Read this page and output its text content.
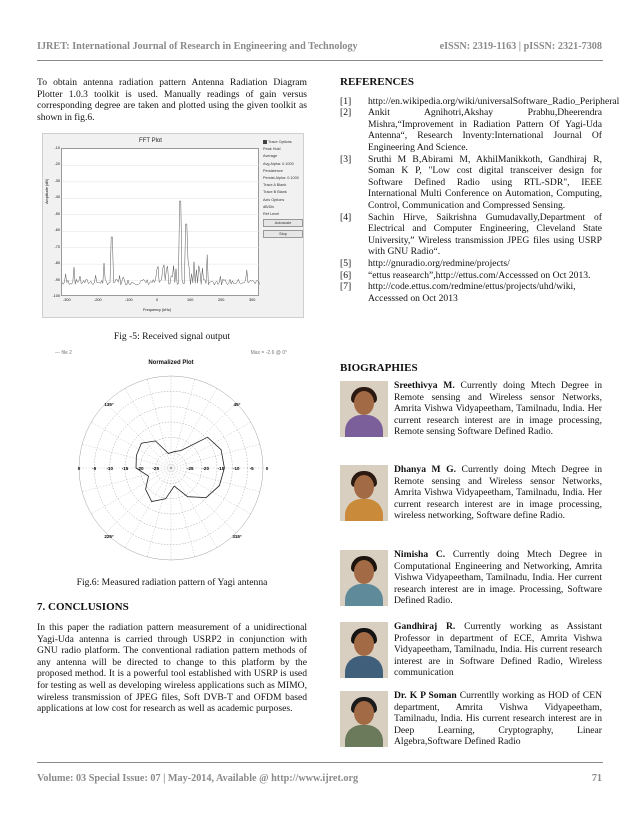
IJRET: International Journal of Research in Engineering and Technology	eISSN: 2319-1163 | pISSN: 2321-7308
Volume: 03 Special Issue: 07 | May-2014, Available @ http://www.ijret.org	71

To obtain antenna radiation pattern Antenna Radiation Diagram Plotter 1.0.3 toolkit is used. Manually readings of gain versus corresponding degree are taken and plotted using the given toolkit as shown in fig.6.

FFT Plot
Amplitude (dB)
Frequency (kHz)
Trace Options
Peak Hold
Average
Avg Alpha: 0.1000
Persistence
Persist Alpha: 0.1000
Trace A Blank
Trace B Blank
Axis Options
dB/Div
Ref Level
Autoscale
Stop
-10
-20
-30
-40
-50
-60
-70
-80
-90
-100
-300	-200	-100	0	100	200	300
Fig -5: Received signal output
--- file 2	Max = -2.6 @ 0°
Normalized Plot
0	-5 -10 -15 -20 -25	-25 -20 -15 -10 -5	0
135°	45°
225°	315°
Fig.6: Measured radiation pattern of Yagi antenna
7. CONCLUSIONS

In this paper the radiation pattern measurement of a unidirectional Yagi-Uda antenna is carried through USRP2 in conjunction with GNU radio platform. The conventional radiation pattern methods of any antenna will be directed to change to this platform by the proposed method. It is a powerful tool established with USRP is used for testing as well as developing wireless applications such as MIMO, wireless transmission of JPEG files, Soft DVB-T and OFDM based applications at low cost for research as well as academic purposes.

REFERENCES
[1] http://en.wikipedia.org/wiki/universalSoftware_Radio_Peripheral
[2] Ankit Agnihotri,Akshay Prabhu,Dheerendra Mishra,“Improvement in Radiation Pattern Of Yagi-Uda Antenna“, Research Inventy:International Journal Of Engineering And Science.
[3] Sruthi M B,Abirami M, AkhilManikkoth, Gandhiraj R, Soman K P, "Low cost digital transceiver design for Software Defined Radio using RTL-SDR", IEEE International Multi Conference on Automation, Computing, Control, Communication and Compressed Sensing.
[4] Sachin Hirve, Saikrishna Gumudavally,Department of Electrical and Computer Engineering, Cleveland State University,” Wireless transmission JPEG files using USRP with GNU Radio“.
[5] http://gnuradio.org/redmine/projects/
[6] “ettus reasearch”,http://ettus.com/Accesssed on Oct 2013.
[7] http://code.ettus.com/redmine/ettus/projects/uhd/wiki, Accesssed on Oct 2013
BIOGRAPHIES
Sreethivya M. Currently doing Mtech Degree in Remote sensing and Wireless sensor Networks, Amrita Vishwa Vidyapeetham, Tamilnadu, India. Her current research interest are in image processing, Remote sensing Software Defined Radio.
Dhanya M G. Currently doing Mtech Degree in Remote sensing and Wireless sensor Networks, Amrita Vishwa Vidyapeetham, Tamilnadu, India. Her current research interest are in image processing, wireless networking, Software define Radio.
Nimisha C. Currently doing Mtech Degree in Computational Engineering and Networking, Amrita Vishwa Vidyapeetham, Tamilnadu, India. Her current research interest are in image. Processing, Software Defined Radio.
Gandhiraj R. Currently working as Assistant Professor in department of ECE, Amrita Vishwa Vidyapeetham, Tamilnadu, India. His current research interest are in Software Defined Radio, Wireless communication
Dr. K P Soman Currentlly working as HOD of CEN department, Amrita Vishwa Vidyapeetham, Tamilnadu, India. His current research interest are in Deep Learning, Cryptography, Linear Algebra,Software Defined Radio
